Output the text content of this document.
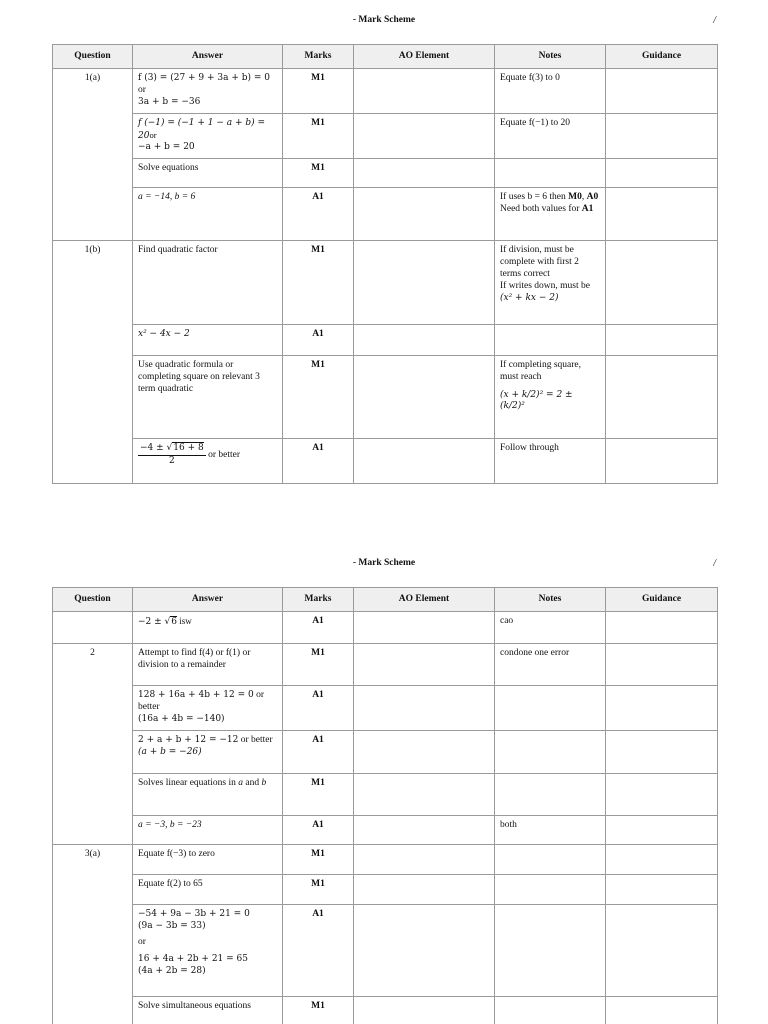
- Mark Scheme	/
Question	Answer	Marks	AO Element	Notes	Guidance
1(a)	f (3) = (27 + 9 + 3a + b) = 0 or
3a + b = −36	M1		Equate f(3) to 0	
	f (−1) = (−1 + 1 − a + b) = 20or
−a + b = 20	M1		Equate f(−1) to 20	
	Solve equations	M1			
	a = −14, b = 6	A1		If uses b = 6 then M0, A0
Need both values for A1	
1(b)	Find quadratic factor	M1		If division, must be complete with first 2 terms correct
If writes down, must be
(x² + kx − 2)	
	x² − 4x − 2	A1			
	Use quadratic formula or completing square on relevant 3 term quadratic	M1		If completing square, must reach
(x + k/2)² = 2 ± (k/2)²	

	$\frac{-4 \pm √16 + 8}{2}$ or better	A1		Follow through	
- Mark Scheme	/
Question	Answer	Marks	AO Element	Notes	Guidance
	−2 ± √6 isw	A1		cao	
2	Attempt to find f(4) or f(1) or division to a remainder	M1		condone one error	
	128 + 16a + 4b + 12 = 0 or better
(16a + 4b = −140)	A1			
	2 + a + b + 12 = −12 or better
(a + b = −26)	A1			
	Solves linear equations in a and b	M1			
	a = −3, b = −23	A1		both	
3(a)	Equate f(−3) to zero	M1			
	Equate f(2) to 65	M1			
	−54 + 9a − 3b + 21 = 0
(9a − 3b = 33)
or
16 + 4a + 2b + 21 = 65
(4a + 2b = 28)	A1			
	Solve simultaneous equations	M1			
